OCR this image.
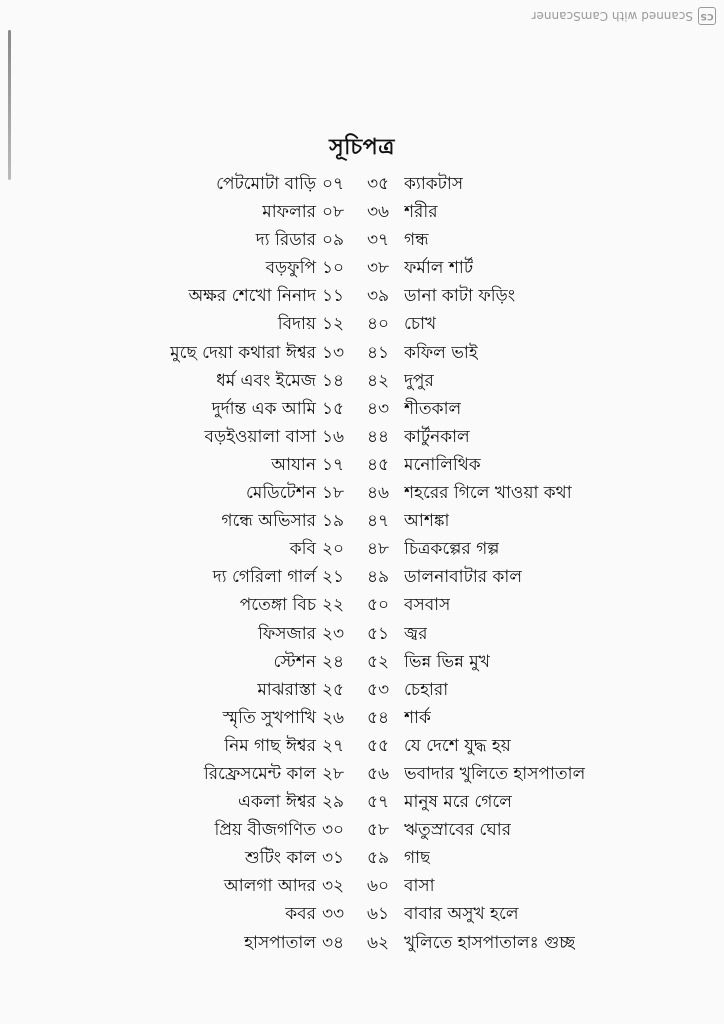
CS
Scanned with CamScanner
সূচিপত্র
পেটমোটা বাড়ি ০৭	৩৫ ক্যাকটাস
মাফলার ০৮	৩৬ শরীর
দ্য রিডার ০৯	৩৭ গন্ধ
বড়ফুপি ১০	৩৮ ফর্মাল শার্ট
অক্ষর শেখো নিনাদ ১১	৩৯ ডানা কাটা ফড়িং
বিদায় ১২	৪০ চোখ
মুছে দেয়া কথারা ঈশ্বর ১৩	৪১ কফিল ভাই
ধর্ম এবং ইমেজ ১৪	৪২ দুপুর
দুর্দান্ত এক আমি ১৫	৪৩ শীতকাল
বড়ইওয়ালা বাসা ১৬	৪৪ কার্টুনকাল
আযান ১৭	৪৫ মনোলিথিক
মেডিটেশন ১৮	৪৬ শহরের গিলে খাওয়া কথা
গন্ধে অভিসার ১৯	৪৭ আশঙ্কা
কবি ২০	৪৮ চিত্রকল্পের গল্প
দ্য গেরিলা গার্ল ২১	৪৯ ডালনাবাটার কাল
পতেঙ্গা বিচ ২২	৫০ বসবাস
ফিসজার ২৩	৫১ জ্বর
স্টেশন ২৪	৫২ ভিন্ন ভিন্ন মুখ
মাঝরাস্তা ২৫	৫৩ চেহারা
স্মৃতি সুখপাখি ২৬	৫৪ শার্ক
নিম গাছ ঈশ্বর ২৭	৫৫ যে দেশে যুদ্ধ হয়
রিফ্রেসমেন্ট কাল ২৮	৫৬ ভবাদার খুলিতে হাসপাতাল
একলা ঈশ্বর ২৯	৫৭ মানুষ মরে গেলে
প্রিয় বীজগণিত ৩০	৫৮ ঋতুস্রাবের ঘোর
শুটিং কাল ৩১	৫৯ গাছ
আলগা আদর ৩২	৬০ বাসা
কবর ৩৩	৬১ বাবার অসুখ হলে
হাসপাতাল ৩৪	৬২ খুলিতে হাসপাতালঃ গুচ্ছ
